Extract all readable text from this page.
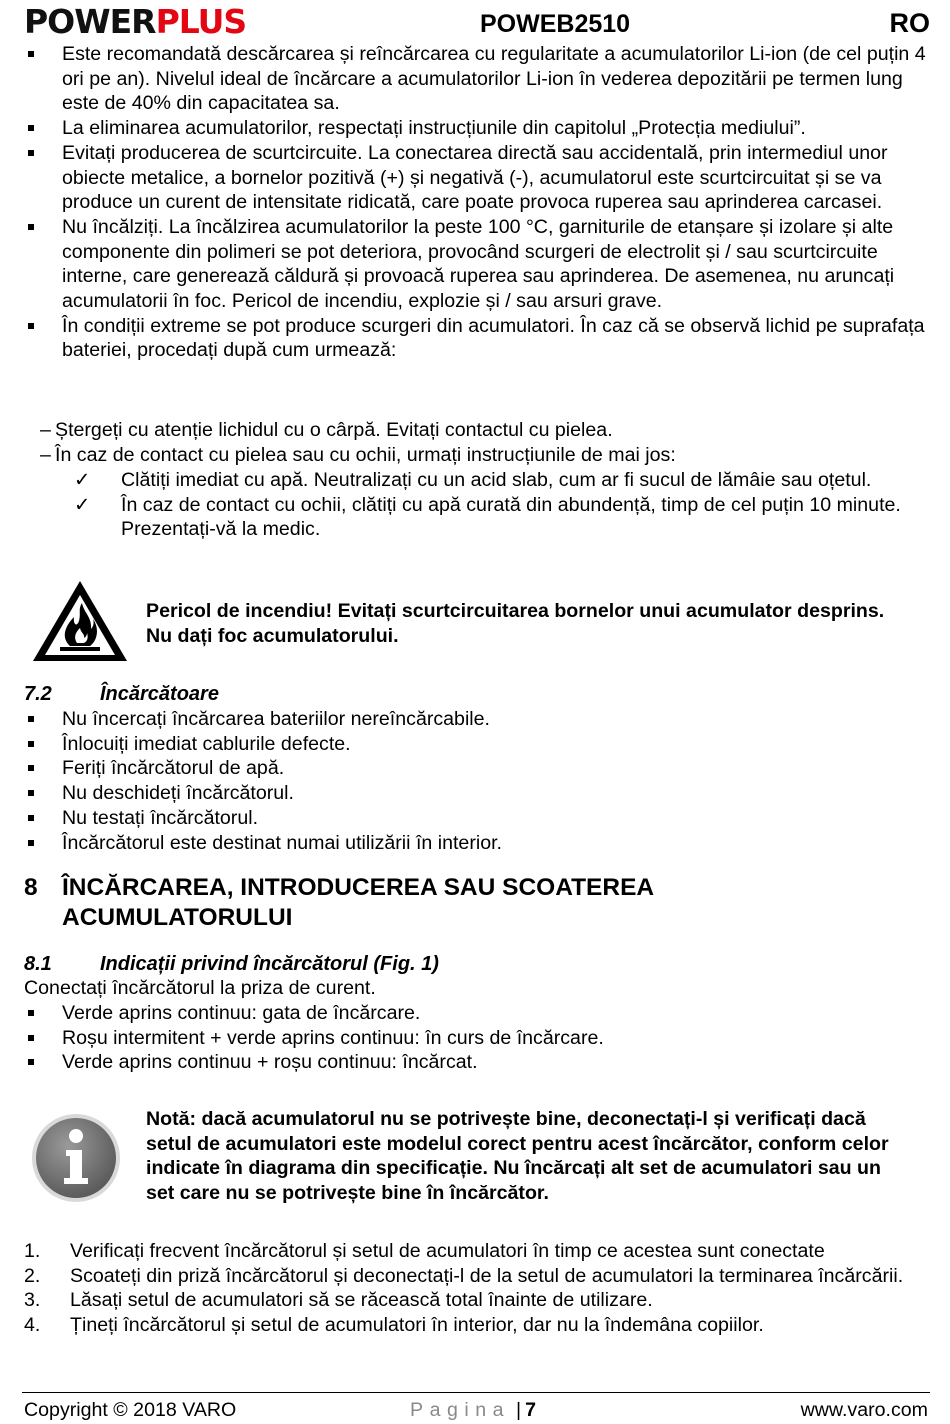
POWERPLUS	POWEB2510	RO
Este recomandată descărcarea și reîncărcarea cu regularitate a acumulatorilor Li-ion (de cel puțin 4 ori pe an). Nivelul ideal de încărcare a acumulatorilor Li-ion în vederea depozitării pe termen lung este de 40% din capacitatea sa.
La eliminarea acumulatorilor, respectați instrucțiunile din capitolul „Protecția mediului”.
Evitați producerea de scurtcircuite. La conectarea directă sau accidentală, prin intermediul unor obiecte metalice, a bornelor pozitivă (+) și negativă (-), acumulatorul este scurtcircuitat și se va produce un curent de intensitate ridicată, care poate provoca ruperea sau aprinderea carcasei.
Nu încălziți. La încălzirea acumulatorilor la peste 100 °C, garniturile de etanșare și izolare și alte componente din polimeri se pot deteriora, provocând scurgeri de electrolit și / sau scurtcircuite interne, care generează căldură și provoacă ruperea sau aprinderea. De asemenea, nu aruncați acumulatorii în foc. Pericol de incendiu, explozie și / sau arsuri grave.
În condiții extreme se pot produce scurgeri din acumulatori. În caz că se observă lichid pe suprafața bateriei, procedați după cum urmează:
– Ștergeți cu atenție lichidul cu o cârpă. Evitați contactul cu pielea.
– În caz de contact cu pielea sau cu ochii, urmați instrucțiunile de mai jos:
✓ Clătiți imediat cu apă. Neutralizați cu un acid slab, cum ar fi sucul de lămâie sau oțetul.
✓ În caz de contact cu ochii, clătiți cu apă curată din abundență, timp de cel puțin 10 minute. Prezentați-vă la medic.
Pericol de incendiu! Evitați scurtcircuitarea bornelor unui acumulator desprins. Nu dați foc acumulatorului.
7.2 Încărcătoare
Nu încercați încărcarea bateriilor nereîncărcabile.
Înlocuiți imediat cablurile defecte.
Feriți încărcătorul de apă.
Nu deschideți încărcătorul.
Nu testați încărcătorul.
Încărcătorul este destinat numai utilizării în interior.
8 ÎNCĂRCAREA, INTRODUCEREA SAU SCOATEREA ACUMULATORULUI
8.1 Indicații privind încărcătorul (Fig. 1)
Conectați încărcătorul la priza de curent.
Verde aprins continuu: gata de încărcare.
Roșu intermitent + verde aprins continuu: în curs de încărcare.
Verde aprins continuu + roșu continuu: încărcat.
Notă: dacă acumulatorul nu se potrivește bine, deconectați-l și verificați dacă setul de acumulatori este modelul corect pentru acest încărcător, conform celor indicate în diagrama din specificație. Nu încărcați alt set de acumulatori sau un set care nu se potrivește bine în încărcător.
1. Verificați frecvent încărcătorul și setul de acumulatori în timp ce acestea sunt conectate
2. Scoateți din priză încărcătorul și deconectați-l de la setul de acumulatori la terminarea încărcării.
3. Lăsați setul de acumulatori să se răcească total înainte de utilizare.
4. Țineți încărcătorul și setul de acumulatori în interior, dar nu la îndemâna copiilor.
Copyright © 2018 VARO	Pagina | 7	www.varo.com
